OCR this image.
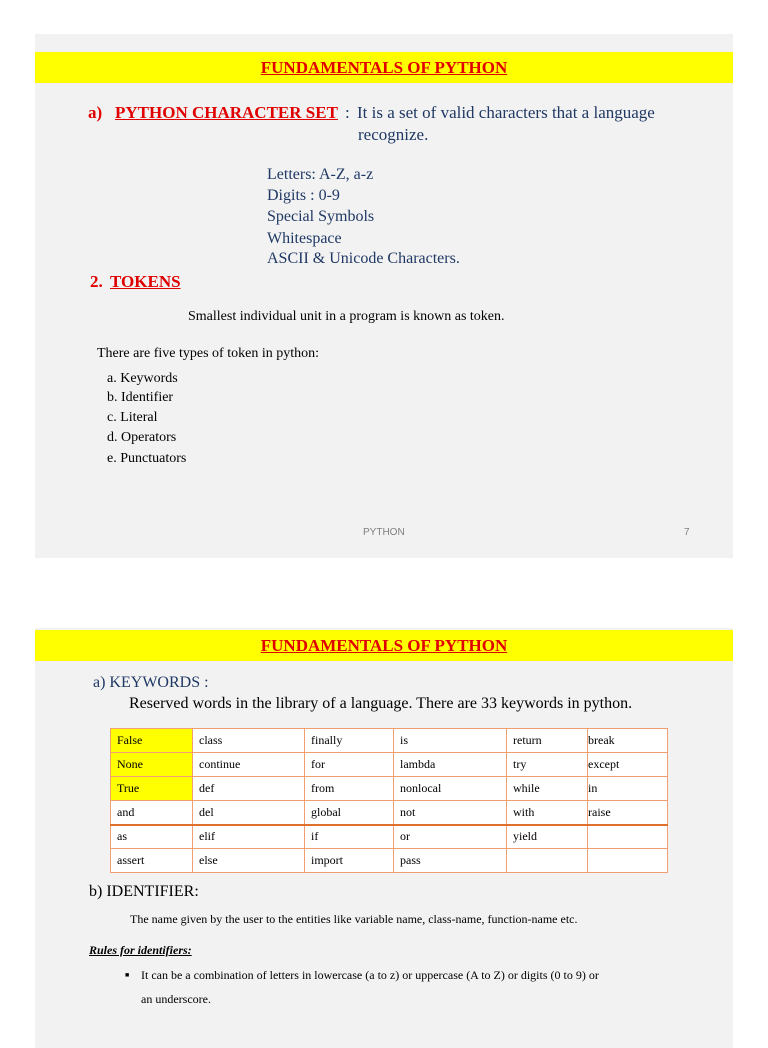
FUNDAMENTALS OF PYTHON
a) PYTHON CHARACTER SET : It is a set of valid characters that a language
recognize.
Letters: A-Z, a-z
Digits : 0-9
Special Symbols
Whitespace
ASCII & Unicode Characters.
2. TOKENS
Smallest individual unit in a program is known as token.
There are five types of token in python:
a. Keywords
b. Identifier
c. Literal
d. Operators
e. Punctuators
PYTHON	7
FUNDAMENTALS OF PYTHON
a) KEYWORDS :
Reserved words in the library of a language. There are 33 keywords in python.
False	class	finally	is	return	break
None	continue	for	lambda	try	except
True	def	from	nonlocal	while	in
and	del	global	not	with	raise
as	elif	if	or	yield	
assert	else	import	pass		
b) IDENTIFIER:
The name given by the user to the entities like variable name, class-name, function-name etc.
Rules for identifiers:
■ It can be a combination of letters in lowercase (a to z) or uppercase (A to Z) or digits (0 to 9) or
an underscore.
